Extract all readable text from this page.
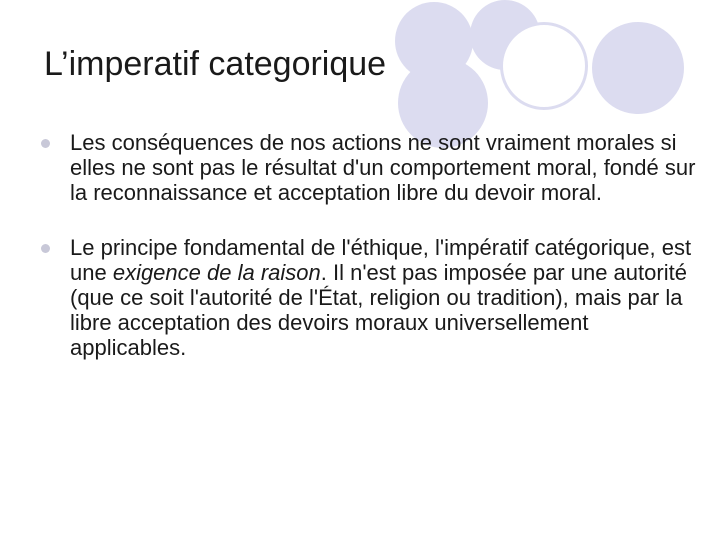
L’imperatif categorique

Les conséquences de nos actions ne sont vraiment morales si elles ne sont pas le résultat d'un comportement moral, fondé sur la reconnaissance et acceptation libre du devoir moral.

Le principe fondamental de l'éthique, l'impératif catégorique, est une exigence de la raison. Il n'est pas imposée par une autorité (que ce soit l'autorité de l'État, religion ou tradition), mais par la libre acceptation des devoirs moraux universellement applicables.
